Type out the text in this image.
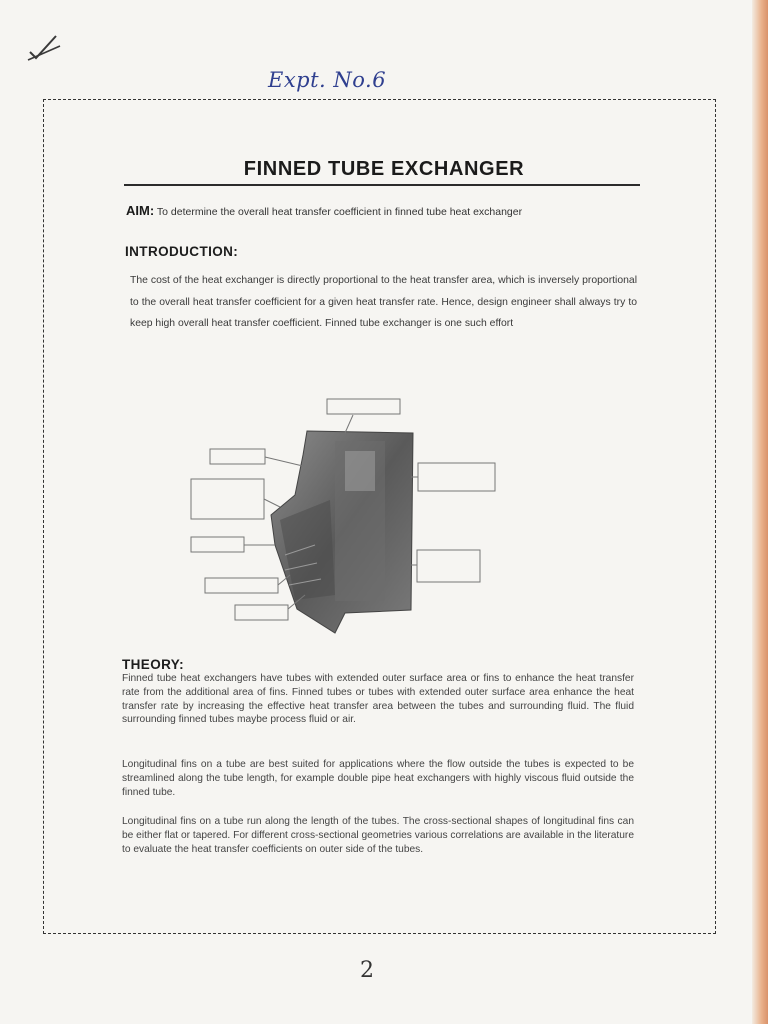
Expt. No.6
FINNED TUBE EXCHANGER
AIM: To determine the overall heat transfer coefficient in finned tube heat exchanger
INTRODUCTION:
The cost of the heat exchanger is directly proportional to the heat transfer area, which is inversely proportional to the overall heat transfer coefficient for a given heat transfer rate. Hence, design engineer shall always try to keep high overall heat transfer coefficient. Finned tube exchanger is one such effort
THEORY:
Finned tube heat exchangers have tubes with extended outer surface area or fins to enhance the heat transfer rate from the additional area of fins. Finned tubes or tubes with extended outer surface area enhance the heat transfer rate by increasing the effective heat transfer area between the tubes and surrounding fluid. The fluid surrounding finned tubes maybe process fluid or air.
Longitudinal fins on a tube are best suited for applications where the flow outside the tubes is expected to be streamlined along the tube length, for example double pipe heat exchangers with highly viscous fluid outside the finned tube.
Longitudinal fins on a tube run along the length of the tubes. The cross-sectional shapes of longitudinal fins can be either flat or tapered. For different cross-sectional geometries various correlations are available in the literature to evaluate the heat transfer coefficients on outer side of the tubes.
2
